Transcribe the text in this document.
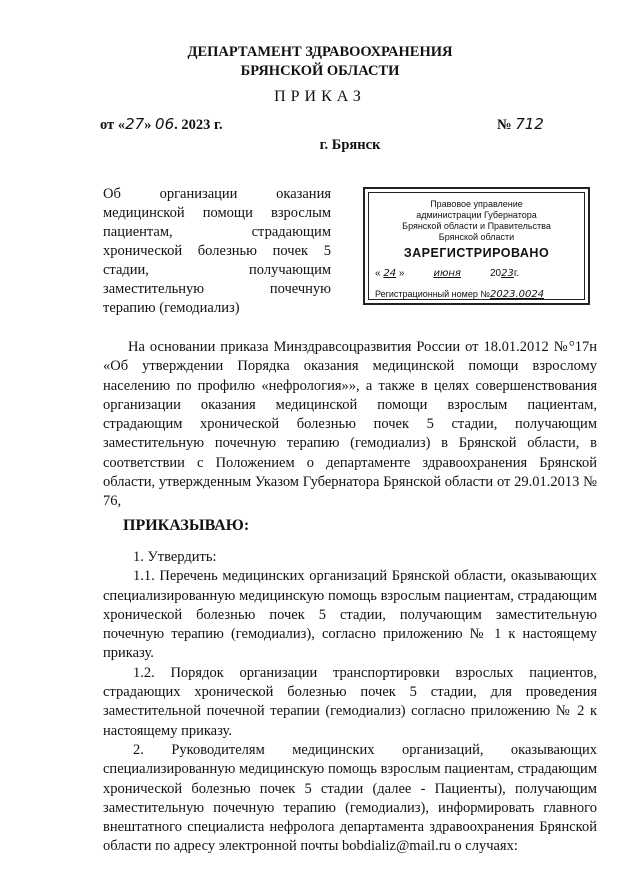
ДЕПАРТАМЕНТ ЗДРАВООХРАНЕНИЯ
БРЯНСКОЙ ОБЛАСТИ
ПРИКАЗ
от «27» 06. 2023 г.	№ 712
г. Брянск
Об организации оказания
медицинской помощи взрослым
пациентам, страдающим
хронической болезнью почек 5
стадии, получающим
заместительную почечную
терапию (гемодиализ)
Правовое управление
администрации Губернатора
Брянской области и Правительства
Брянской области
ЗАРЕГИСТРИРОВАНО
« 24 »	июня	2023г.
Регистрационный номер №2023.0024

На основании приказа Минздравсоцразвития России от 18.01.2012 №°17н «Об утверждении Порядка оказания медицинской помощи взрослому населению по профилю «нефрология»», а также в целях совершенствования организации оказания медицинской помощи взрослым пациентам, страдающим хронической болезнью почек 5 стадии, получающим заместительную почечную терапию (гемодиализ) в Брянской области, в соответствии с Положением о департаменте здравоохранения Брянской области, утвержденным Указом Губернатора Брянской области от 29.01.2013 № 76,

ПРИКАЗЫВАЮ:

1. Утвердить:

1.1. Перечень медицинских организаций Брянской области, оказывающих специализированную медицинскую помощь взрослым пациентам, страдающим хронической болезнью почек 5 стадии, получающим заместительную почечную терапию (гемодиализ), согласно приложению № 1 к настоящему приказу.

1.2. Порядок организации транспортировки взрослых пациентов, страдающих хронической болезнью почек 5 стадии, для проведения заместительной почечной терапии (гемодиализ) согласно приложению № 2 к настоящему приказу.

2. Руководителям медицинских организаций, оказывающих специализированную медицинскую помощь взрослым пациентам, страдающим хронической болезнью почек 5 стадии (далее - Пациенты), получающим заместительную почечную терапию (гемодиализ), информировать главного внештатного специалиста нефролога департамента здравоохранения Брянской области по адресу электронной почты bobdializ@mail.ru о случаях:
